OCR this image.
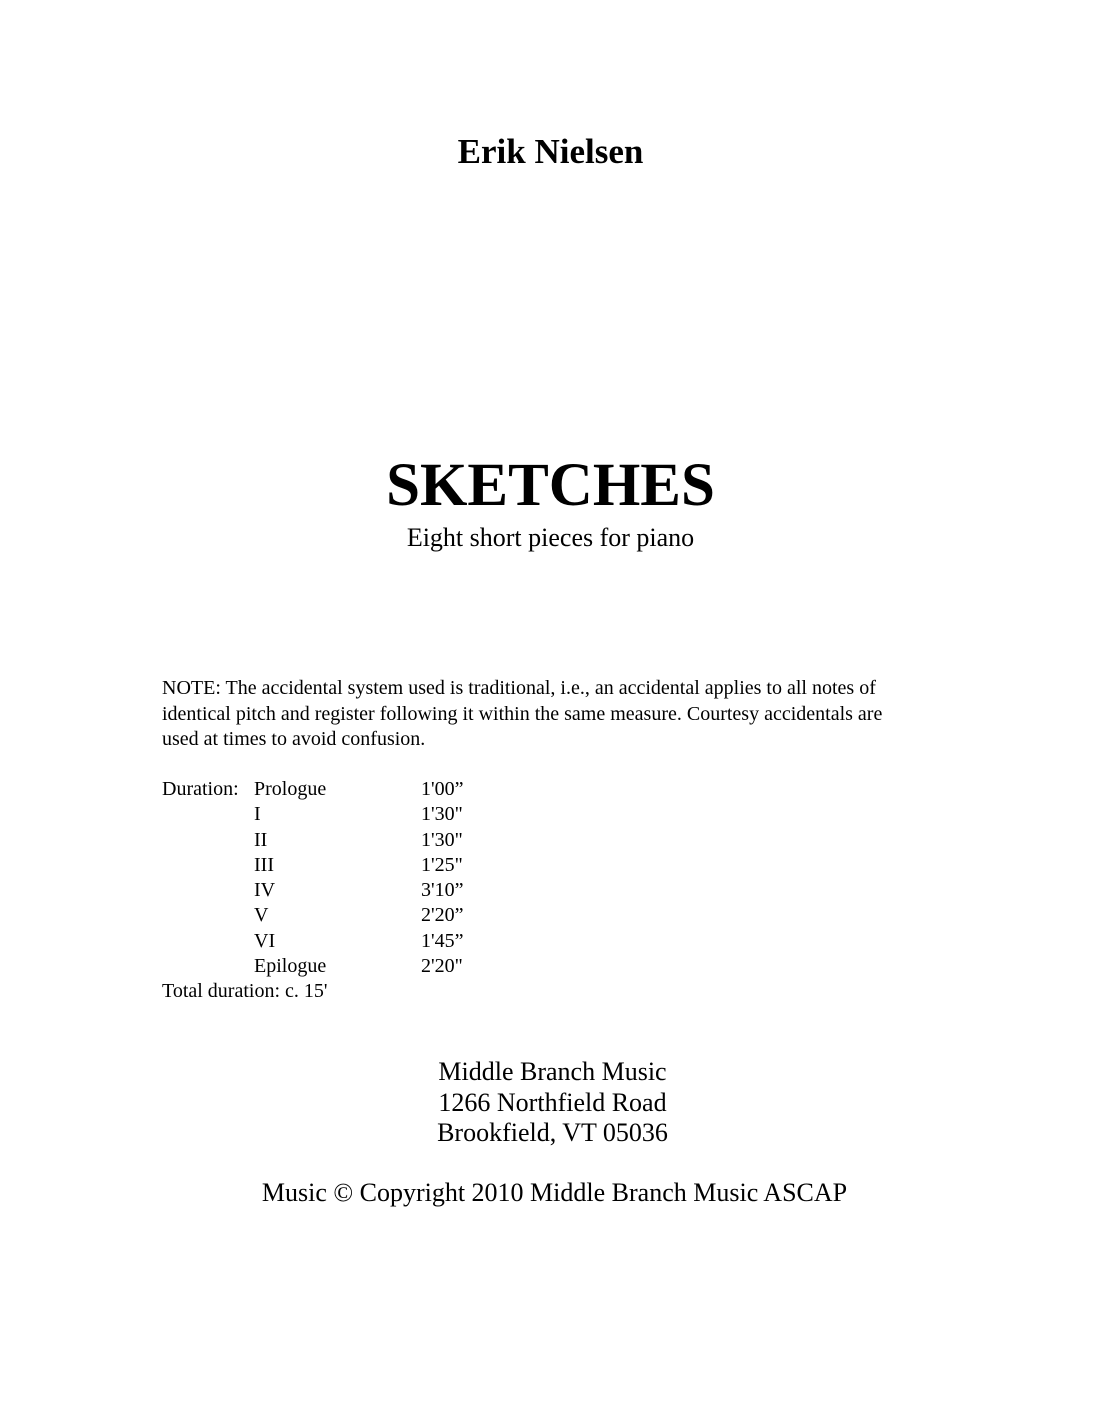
Erik Nielsen
SKETCHES
Eight short pieces for piano
NOTE: The accidental system used is traditional, i.e., an accidental applies to all notes of
identical pitch and register following it within the same measure. Courtesy accidentals are
used at times to avoid confusion.
Duration: Prologue	1'00”
I	1'30"
II	1'30"
III	1'25"
IV	3'10”
V	2'20”
VI	1'45”
Epilogue	2'20"
Total duration: c. 15'
Middle Branch Music
1266 Northfield Road
Brookfield, VT 05036
Music © Copyright 2010 Middle Branch Music ASCAP
